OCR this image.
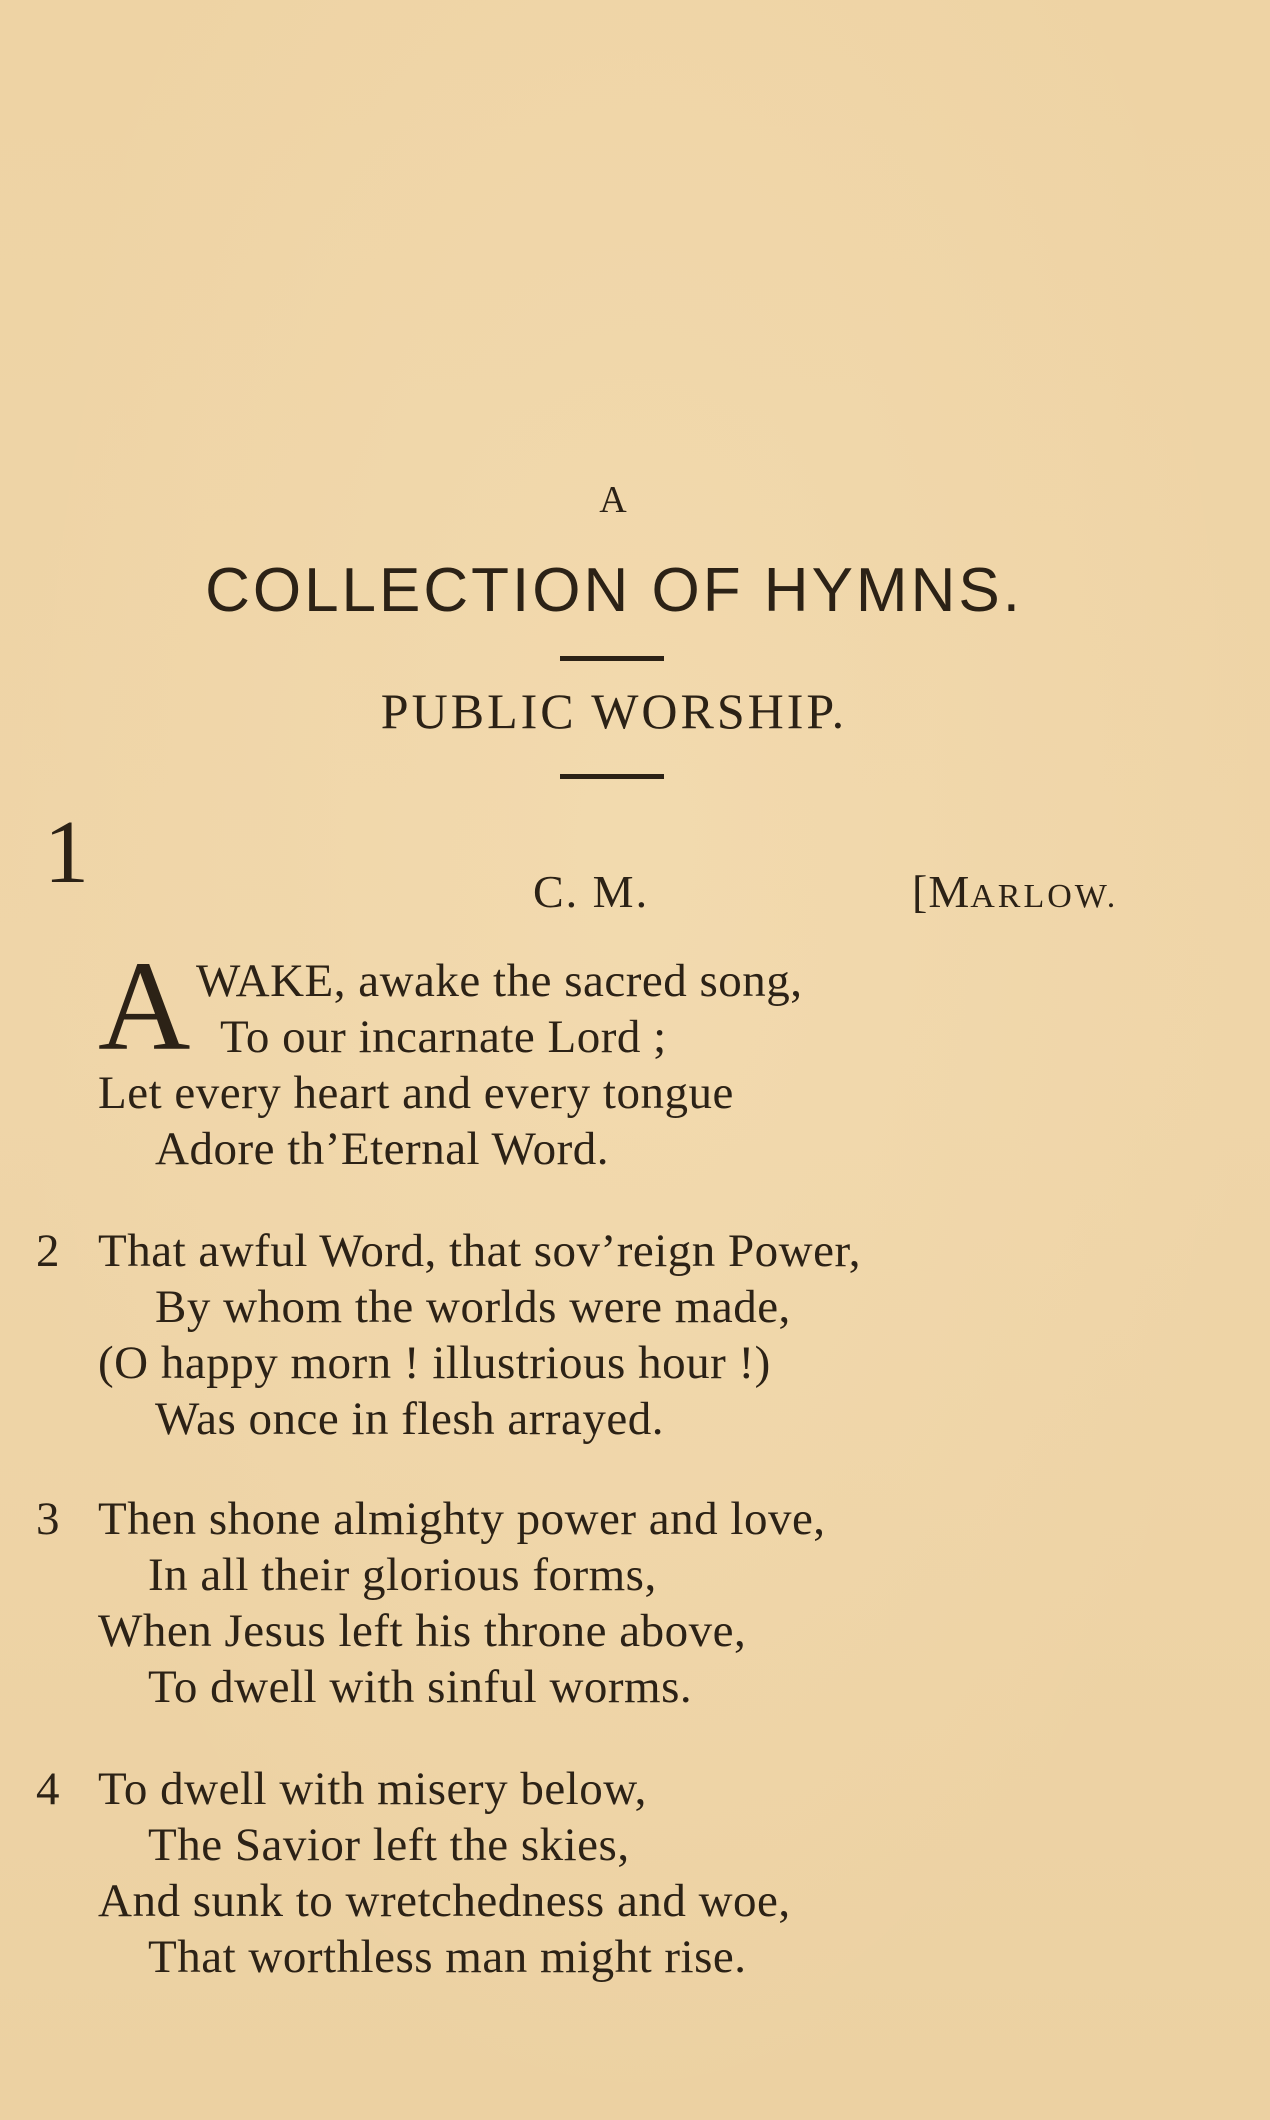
A
COLLECTION OF HYMNS.
PUBLIC WORSHIP.
1	C. M.	[MARLOW.
A WAKE, awake the sacred song,
To our incarnate Lord ;
Let every heart and every tongue
Adore th’Eternal Word.
2 That awful Word, that sov’reign Power,
By whom the worlds were made,
(O happy morn ! illustrious hour !)
Was once in flesh arrayed.
3 Then shone almighty power and love,
In all their glorious forms,
When Jesus left his throne above,
To dwell with sinful worms.
4 To dwell with misery below,
The Savior left the skies,
And sunk to wretchedness and woe,
That worthless man might rise.
